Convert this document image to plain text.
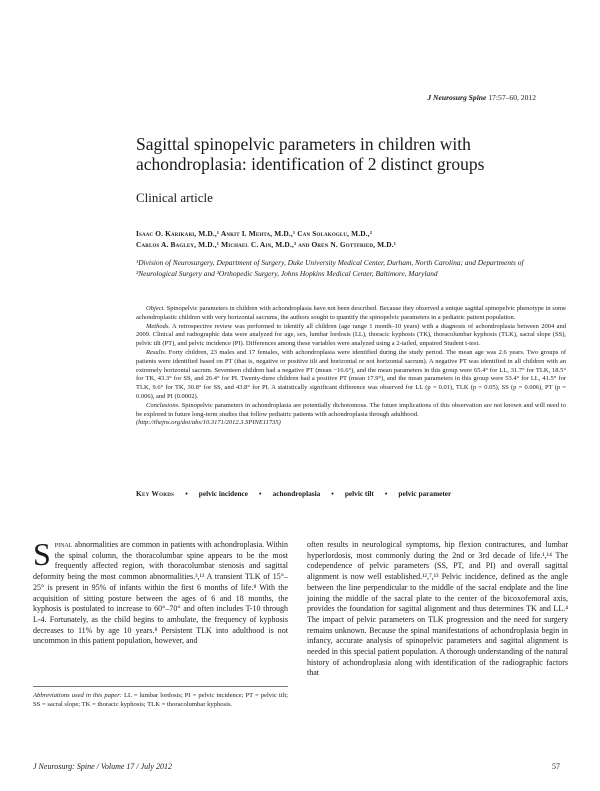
J Neurosurg Spine 17:57–60, 2012
Sagittal spinopelvic parameters in children with achondroplasia: identification of 2 distinct groups
Clinical article
Isaac O. Karikari, M.D.,¹ Ankit I. Mehta, M.D.,¹ Can Solakoglu, M.D.,²
Carlos A. Bagley, M.D.,¹ Michael C. Ain, M.D.,³ and Oren N. Gottfried, M.D.¹
¹Division of Neurosurgery, Department of Surgery, Duke University Medical Center, Durham, North Carolina; and Departments of ²Neurological Surgery and ³Orthopedic Surgery, Johns Hopkins Medical Center, Baltimore, Maryland

Object. Spinopelvic parameters in children with achondroplasia have not been described. Because they observed a unique sagittal spinopelvic phenotype in some achondroplastic children with very horizontal sacrums, the authors sought to quantify the spinopelvic parameters in a pediatric patient population.

Methods. A retrospective review was performed to identify all children (age range 1 month–10 years) with a diagnosis of achondroplasia between 2004 and 2009. Clinical and radiographic data were analyzed for age, sex, lumbar lordosis (LL), thoracic kyphosis (TK), thoracolumbar kyphosis (TLK), sacral slope (SS), pelvic tilt (PT), and pelvic incidence (PI). Differences among these variables were analyzed using a 2-tailed, unpaired Student t-test.

Results. Forty children, 23 males and 17 females, with achondroplasia were identified during the study period. The mean age was 2.6 years. Two groups of patients were identified based on PT (that is, negative or positive tilt and horizontal or not horizontal sacrum). A negative PT was identified in all children with an extremely horizontal sacrum. Seventeen children had a negative PT (mean −16.6°), and the mean parameters in this group were 65.4° for LL, 31.7° for TLK, 18.5° for TK, 43.3° for SS, and 26.4° for PI. Twenty-three children had a positive PT (mean 17.9°), and the mean parameters in this group were 53.4° for LL, 41.5° for TLK, 9.6° for TK, 30.8° for SS, and 43.8° for PI. A statistically significant difference was observed for LL (p = 0.01), TLK (p = 0.05), SS (p = 0.006), PT (p = 0.006), and PI (0.0002).

Conclusions. Spinopelvic parameters in achondroplasia are potentially dichotomous. The future implications of this observation are not known and will need to be explored in future long-term studies that follow pediatric patients with achondroplasia through adulthood.

(http://thejns.org/doi/abs/10.3171/2012.3.SPINE11735)

Key Words • pelvic incidence • achondroplasia • pelvic tilt • pelvic parameter

Spinal abnormalities are common in patients with achondroplasia. Within the spinal column, the thoracolumbar spine appears to be the most frequently affected region, with thoracolumbar stenosis and sagittal deformity being the most common abnormalities.³,¹³ A transient TLK of 15°–25° is present in 95% of infants within the first 6 months of life.⁸ With the acquisition of sitting posture between the ages of 6 and 18 months, the kyphosis is postulated to increase to 60°–70° and often includes T-10 through L-4. Fortunately, as the child begins to ambulate, the frequency of kyphosis decreases to 11% by age 10 years.⁸ Persistent TLK into adulthood is not uncommon in this patient population, however, and

often results in neurological symptoms, hip flexion contractures, and lumbar hyperlordosis, most commonly during the 2nd or 3rd decade of life.¹,¹⁴ The codependence of pelvic parameters (SS, PT, and PI) and overall sagittal alignment is now well established.¹²,⁷,¹³ Pelvic incidence, defined as the angle between the line perpendicular to the middle of the sacral endplate and the line joining the middle of the sacral plate to the center of the bicoxofemoral axis, provides the foundation for sagittal alignment and thus determines TK and LL.⁴ The impact of pelvic parameters on TLK progression and the need for surgery remains unknown. Because the spinal manifestations of achondroplasia begin in infancy, accurate analysis of spinopelvic parameters and sagittal alignment is needed in this special patient population. A thorough understanding of the natural history of achondroplasia along with identification of the radiographic factors that

Abbreviations used in this paper: LL = lumbar lordosis; PI = pelvic incidence; PT = pelvic tilt; SS = sacral slope; TK = thoracic kyphosis; TLK = thoracolumbar kyphosis.
J Neurosurg: Spine / Volume 17 / July 2012	57
